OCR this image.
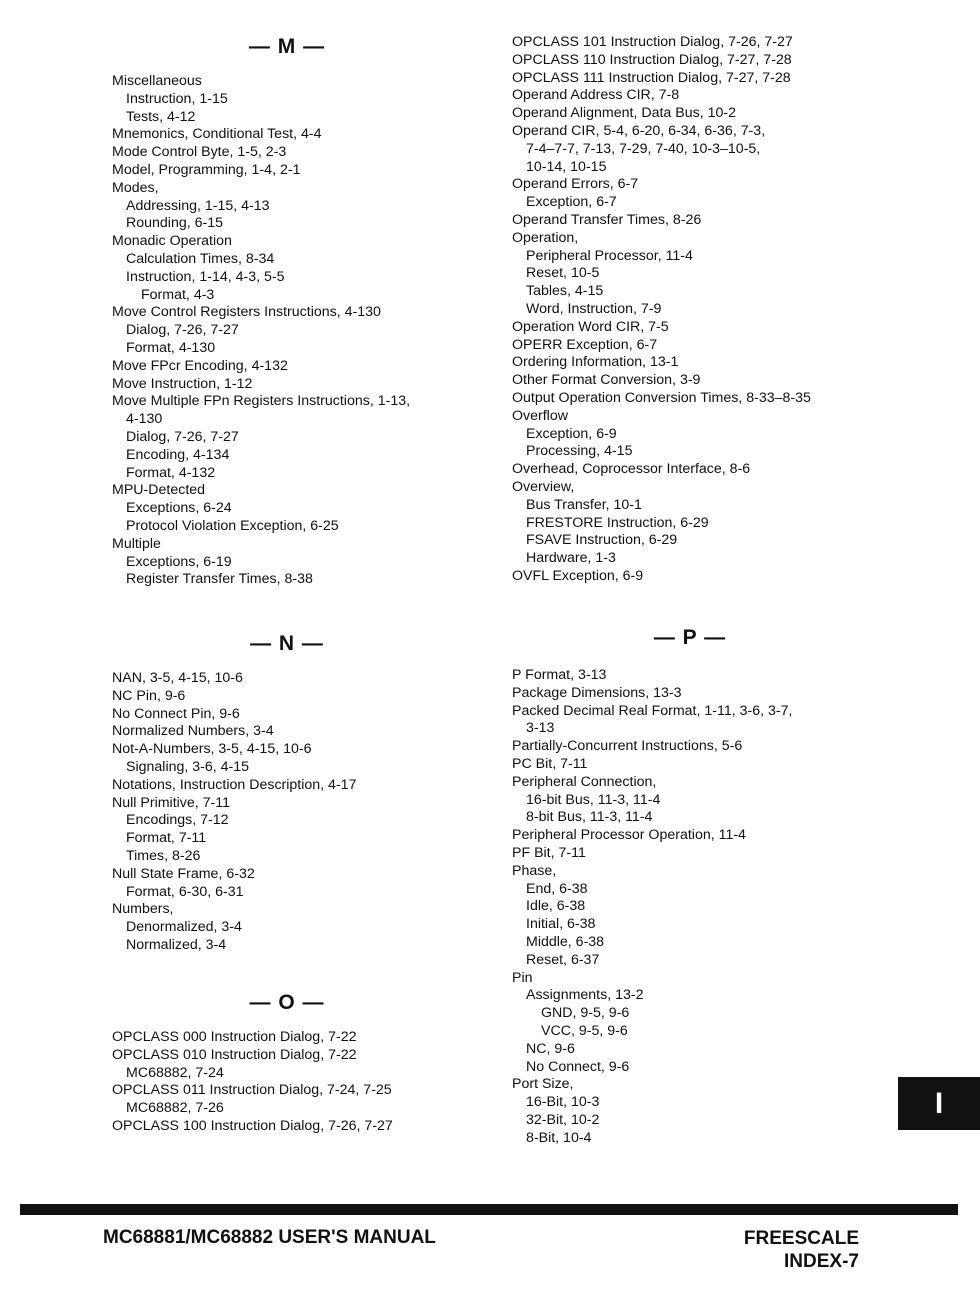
— M —
Miscellaneous
Instruction, 1-15
Tests, 4-12
Mnemonics, Conditional Test, 4-4
Mode Control Byte, 1-5, 2-3
Model, Programming, 1-4, 2-1
Modes,
Addressing, 1-15, 4-13
Rounding, 6-15
Monadic Operation
Calculation Times, 8-34
Instruction, 1-14, 4-3, 5-5
Format, 4-3
Move Control Registers Instructions, 4-130
Dialog, 7-26, 7-27
Format, 4-130
Move FPcr Encoding, 4-132
Move Instruction, 1-12
Move Multiple FPn Registers Instructions, 1-13,
4-130
Dialog, 7-26, 7-27
Encoding, 4-134
Format, 4-132
MPU-Detected
Exceptions, 6-24
Protocol Violation Exception, 6-25
Multiple
Exceptions, 6-19
Register Transfer Times, 8-38
— N —
NAN, 3-5, 4-15, 10-6
NC Pin, 9-6
No Connect Pin, 9-6
Normalized Numbers, 3-4
Not-A-Numbers, 3-5, 4-15, 10-6
Signaling, 3-6, 4-15
Notations, Instruction Description, 4-17
Null Primitive, 7-11
Encodings, 7-12
Format, 7-11
Times, 8-26
Null State Frame, 6-32
Format, 6-30, 6-31
Numbers,
Denormalized, 3-4
Normalized, 3-4
— O —
OPCLASS 000 Instruction Dialog, 7-22
OPCLASS 010 Instruction Dialog, 7-22
MC68882, 7-24
OPCLASS 011 Instruction Dialog, 7-24, 7-25
MC68882, 7-26
OPCLASS 100 Instruction Dialog, 7-26, 7-27
OPCLASS 101 Instruction Dialog, 7-26, 7-27
OPCLASS 110 Instruction Dialog, 7-27, 7-28
OPCLASS 111 Instruction Dialog, 7-27, 7-28
Operand Address CIR, 7-8
Operand Alignment, Data Bus, 10-2
Operand CIR, 5-4, 6-20, 6-34, 6-36, 7-3,
7-4–7-7, 7-13, 7-29, 7-40, 10-3–10-5,
10-14, 10-15
Operand Errors, 6-7
Exception, 6-7
Operand Transfer Times, 8-26
Operation,
Peripheral Processor, 11-4
Reset, 10-5
Tables, 4-15
Word, Instruction, 7-9
Operation Word CIR, 7-5
OPERR Exception, 6-7
Ordering Information, 13-1
Other Format Conversion, 3-9
Output Operation Conversion Times, 8-33–8-35
Overflow
Exception, 6-9
Processing, 4-15
Overhead, Coprocessor Interface, 8-6
Overview,
Bus Transfer, 10-1
FRESTORE Instruction, 6-29
FSAVE Instruction, 6-29
Hardware, 1-3
OVFL Exception, 6-9
— P —
P Format, 3-13
Package Dimensions, 13-3
Packed Decimal Real Format, 1-11, 3-6, 3-7,
3-13
Partially-Concurrent Instructions, 5-6
PC Bit, 7-11
Peripheral Connection,
16-bit Bus, 11-3, 11-4
8-bit Bus, 11-3, 11-4
Peripheral Processor Operation, 11-4
PF Bit, 7-11
Phase,
End, 6-38
Idle, 6-38
Initial, 6-38
Middle, 6-38
Reset, 6-37
Pin
Assignments, 13-2
GND, 9-5, 9-6
VCC, 9-5, 9-6
NC, 9-6
No Connect, 9-6
Port Size,
16-Bit, 10-3
32-Bit, 10-2
8-Bit, 10-4
I
MC68881/MC68882 USER'S MANUAL	FREESCALE
INDEX-7
